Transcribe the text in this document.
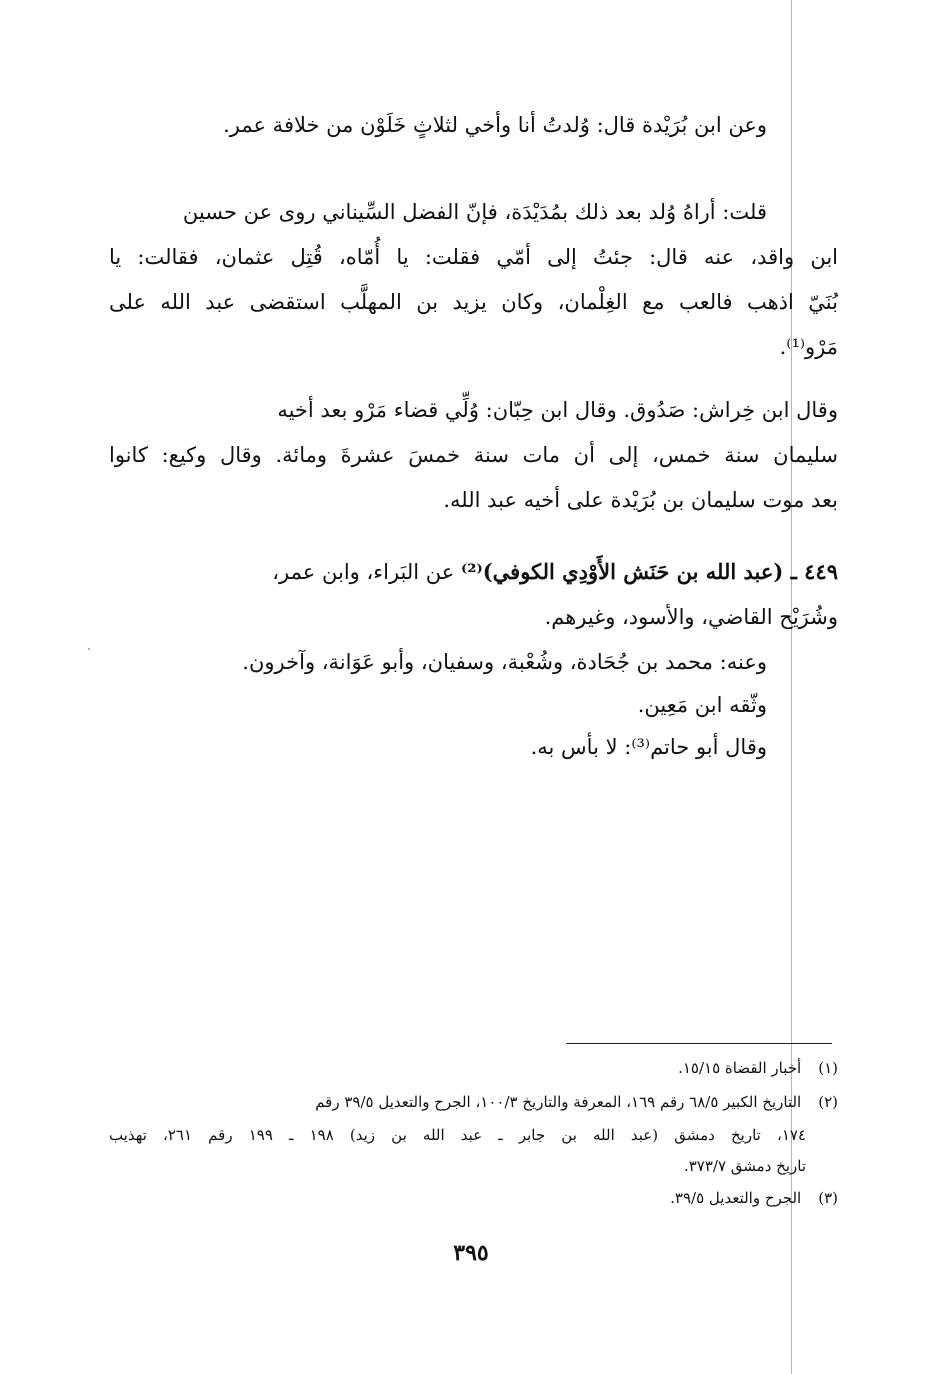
وعن ابن بُرَيْدة قال: وُلدتُ أنا وأخي لثلاثٍ خَلَوْن من خلافة عمر.
قلت: أراهُ وُلد بعد ذلك بمُدَيْدَة، فإنّ الفضل السِّيناني روى عن حسين
ابن واقد، عنه قال: جئتُ إلى أمّي فقلت: يا أُمّاه، قُتِل عثمان، فقالت: يا
بُنَيّ اذهب فالعب مع الغِلْمان، وكان يزيد بن المهلَّب استقضى عبد الله على
مَرْو⁽¹⁾.
وقال ابن خِراش: صَدُوق. وقال ابن حِبّان: وُلِّي قضاء مَرْو بعد أخيه
سليمان سنة خمس، إلى أن مات سنة خمسَ عشرةَ ومائة. وقال وكيع: كانوا
بعد موت سليمان بن بُرَيْدة على أخيه عبد الله.
٤٤٩ ـ (عبد الله بن حَنَش الأَوْدِي الكوفي)⁽²⁾ عن البَراء، وابن عمر،
وشُرَيْح القاضي، والأسود، وغيرهم.
وعنه: محمد بن جُحَادة، وشُعْبة، وسفيان، وأبو عَوَانة، وآخرون.
وثّقه ابن مَعِين.
وقال أبو حاتم⁽³⁾: لا بأس به.
(١) أخبار القضاة ١٥/١٥.
(٢) التاريخ الكبير ٦٨/٥ رقم ١٦٩، المعرفة والتاريخ ١٠٠/٣، الجرح والتعديل ٣٩/٥ رقم
١٧٤، تاريخ دمشق (عبد الله بن جابر ـ عبد الله بن زيد) ١٩٨ ـ ١٩٩ رقم ٢٦١، تهذيب
تاريخ دمشق ٣٧٣/٧.
(٣) الجرح والتعديل ٣٩/٥.
٣٩٥
